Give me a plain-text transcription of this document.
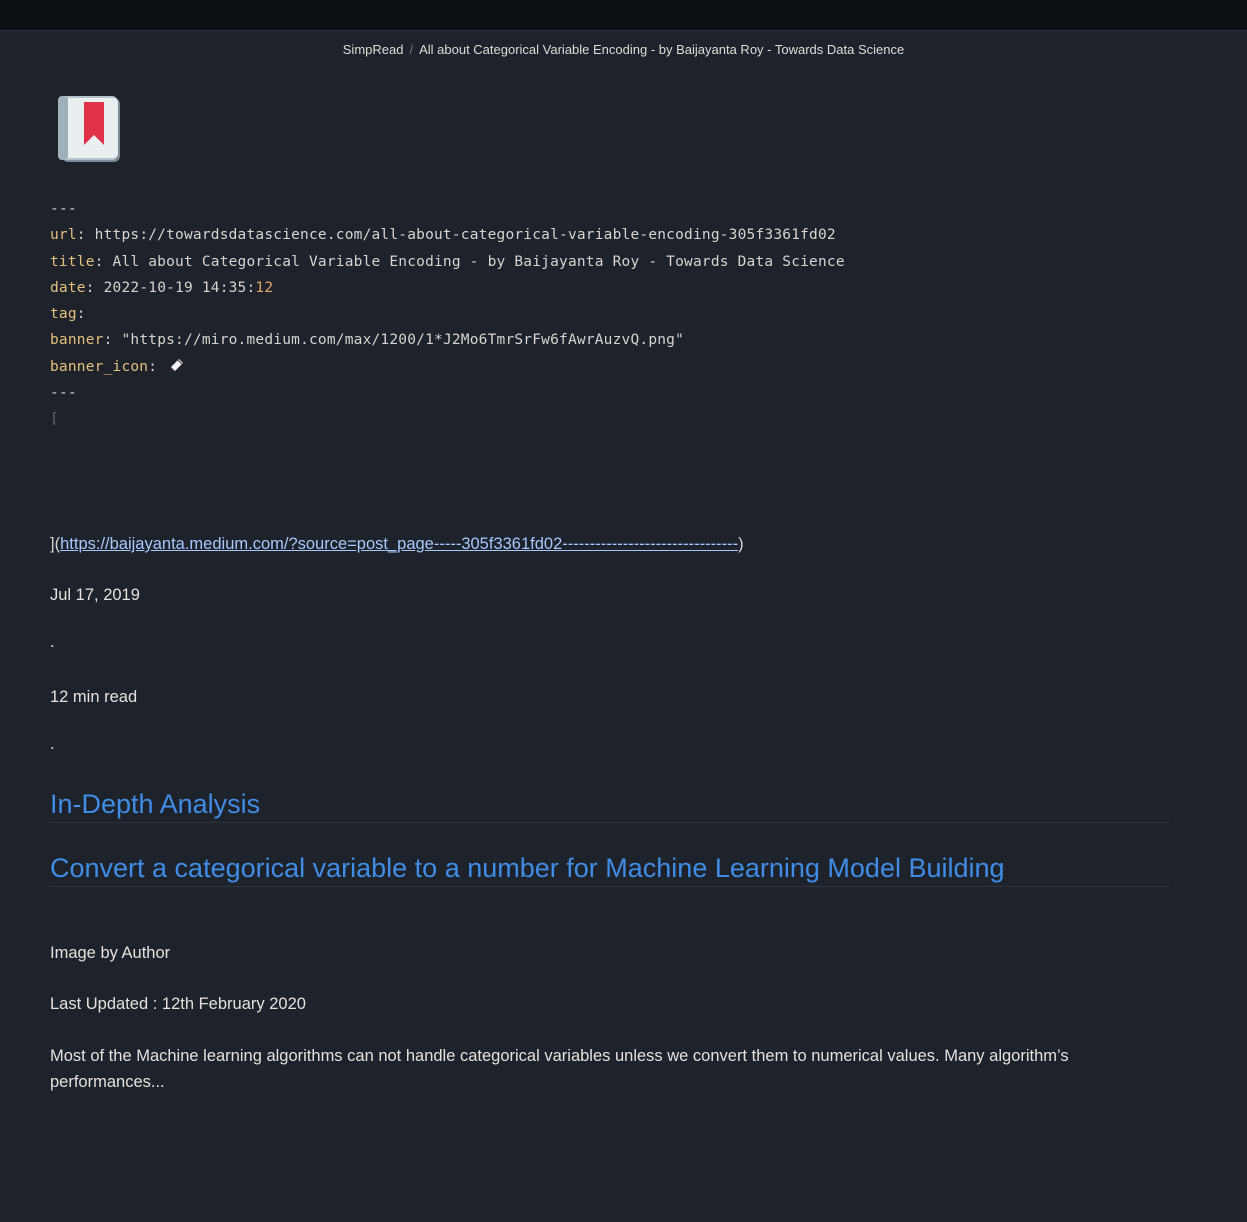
SimpRead / All about Categorical Variable Encoding - by Baijayanta Roy - Towards Data Science
---
url: https://towardsdatascience.com/all-about-categorical-variable-encoding-305f3361fd02
title: All about Categorical Variable Encoding - by Baijayanta Roy - Towards Data Science
date: 2022-10-19 14:35:12
tag:
banner: "https://miro.medium.com/max/1200/1*J2Mo6TmrSrFw6fAwrAuzvQ.png"
banner_icon:
---
[
](https://baijayanta.medium.com/?source=post_page-----305f3361fd02--------------------------------)
Jul 17, 2019
.
12 min read
.
In-Depth Analysis
Convert a categorical variable to a number for Machine Learning Model Building
Image by Author
Last Updated : 12th February 2020
Most of the Machine learning algorithms can not handle categorical variables unless we convert them to numerical values. Many algorithm’s performances...
